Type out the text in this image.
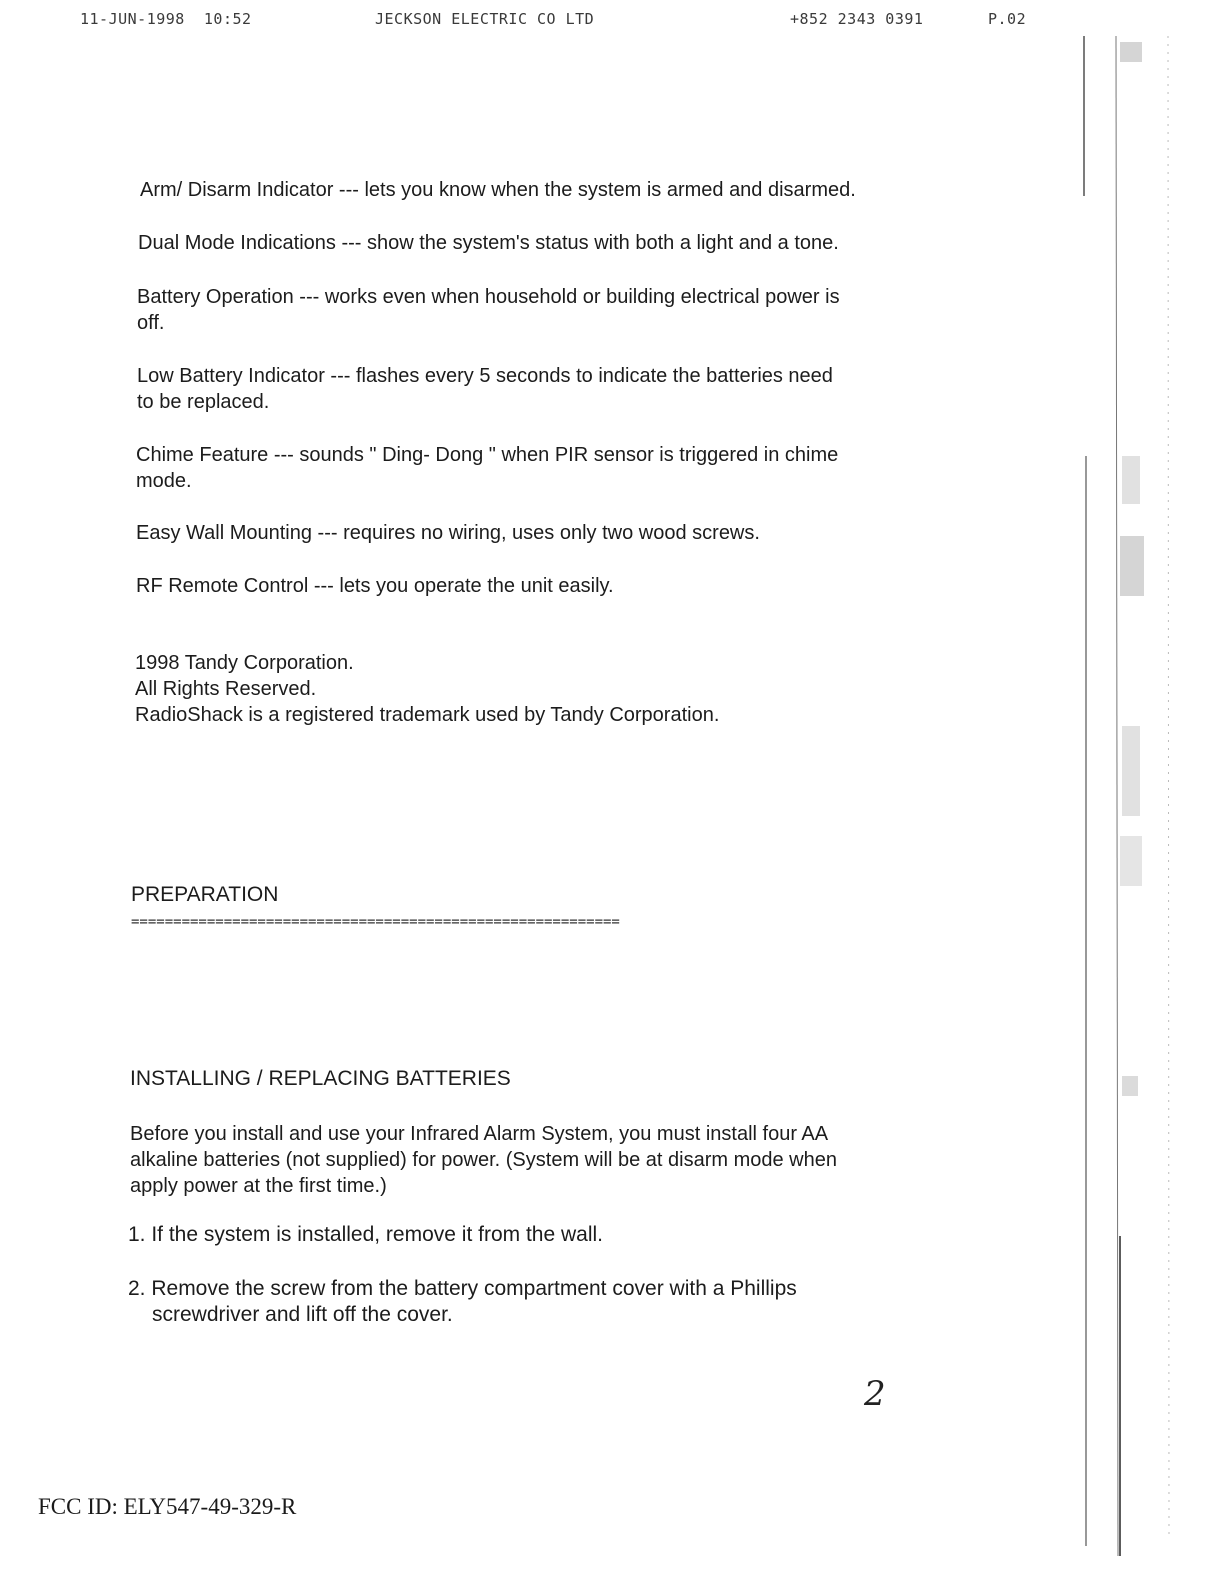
11-JUN-1998 10:52	JECKSON ELECTRIC CO LTD	+852 2343 0391	P.02
Arm/ Disarm Indicator --- lets you know when the system is armed and disarmed.
Dual Mode Indications --- show the system's status with both a light and a tone.
Battery Operation --- works even when household or building electrical power is
off.
Low Battery Indicator --- flashes every 5 seconds to indicate the batteries need
to be replaced.
Chime Feature --- sounds " Ding- Dong " when PIR sensor is triggered in chime
mode.
Easy Wall Mounting --- requires no wiring, uses only two wood screws.
RF Remote Control --- lets you operate the unit easily.
1998 Tandy Corporation.
All Rights Reserved.
RadioShack is a registered trademark used by Tandy Corporation.
PREPARATION
==========================================================
INSTALLING / REPLACING BATTERIES
Before you install and use your Infrared Alarm System, you must install four AA
alkaline batteries (not supplied) for power. (System will be at disarm mode when
apply power at the first time.)
1. If the system is installed, remove it from the wall.
2. Remove the screw from the battery compartment cover with a Phillips
screwdriver and lift off the cover.
2
FCC ID: ELY547-49-329-R
